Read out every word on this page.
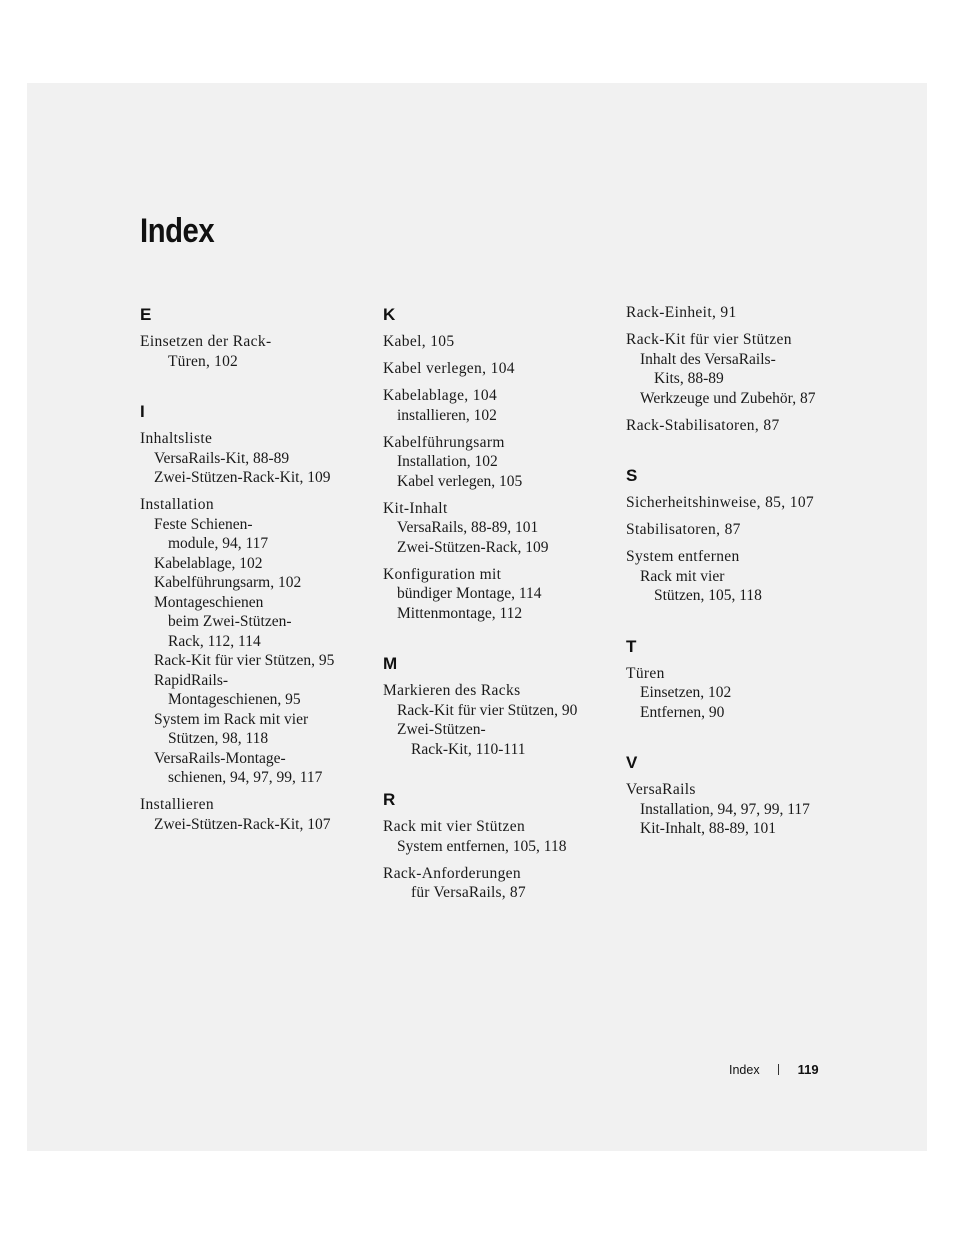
Index
E
Einsetzen der Rack-
Türen, 102
I
Inhaltsliste
VersaRails-Kit, 88-89
Zwei-Stützen-Rack-Kit, 109
Installation
Feste Schienen-
module, 94, 117
Kabelablage, 102
Kabelführungsarm, 102
Montageschienen
beim Zwei-Stützen-
Rack, 112, 114
Rack-Kit für vier Stützen, 95
RapidRails-
Montageschienen, 95
System im Rack mit vier
Stützen, 98, 118
VersaRails-Montage-
schienen, 94, 97, 99, 117
Installieren
Zwei-Stützen-Rack-Kit, 107
K
Kabel, 105
Kabel verlegen, 104
Kabelablage, 104
installieren, 102
Kabelführungsarm
Installation, 102
Kabel verlegen, 105
Kit-Inhalt
VersaRails, 88-89, 101
Zwei-Stützen-Rack, 109
Konfiguration mit
bündiger Montage, 114
Mittenmontage, 112
M
Markieren des Racks
Rack-Kit für vier Stützen, 90
Zwei-Stützen-
Rack-Kit, 110-111
R
Rack mit vier Stützen
System entfernen, 105, 118
Rack-Anforderungen
für VersaRails, 87
Rack-Einheit, 91
Rack-Kit für vier Stützen
Inhalt des VersaRails-
Kits, 88-89
Werkzeuge und Zubehör, 87
Rack-Stabilisatoren, 87
S
Sicherheitshinweise, 85, 107
Stabilisatoren, 87
System entfernen
Rack mit vier
Stützen, 105, 118
T
Türen
Einsetzen, 102
Entfernen, 90
V
VersaRails
Installation, 94, 97, 99, 117
Kit-Inhalt, 88-89, 101
Index	119
